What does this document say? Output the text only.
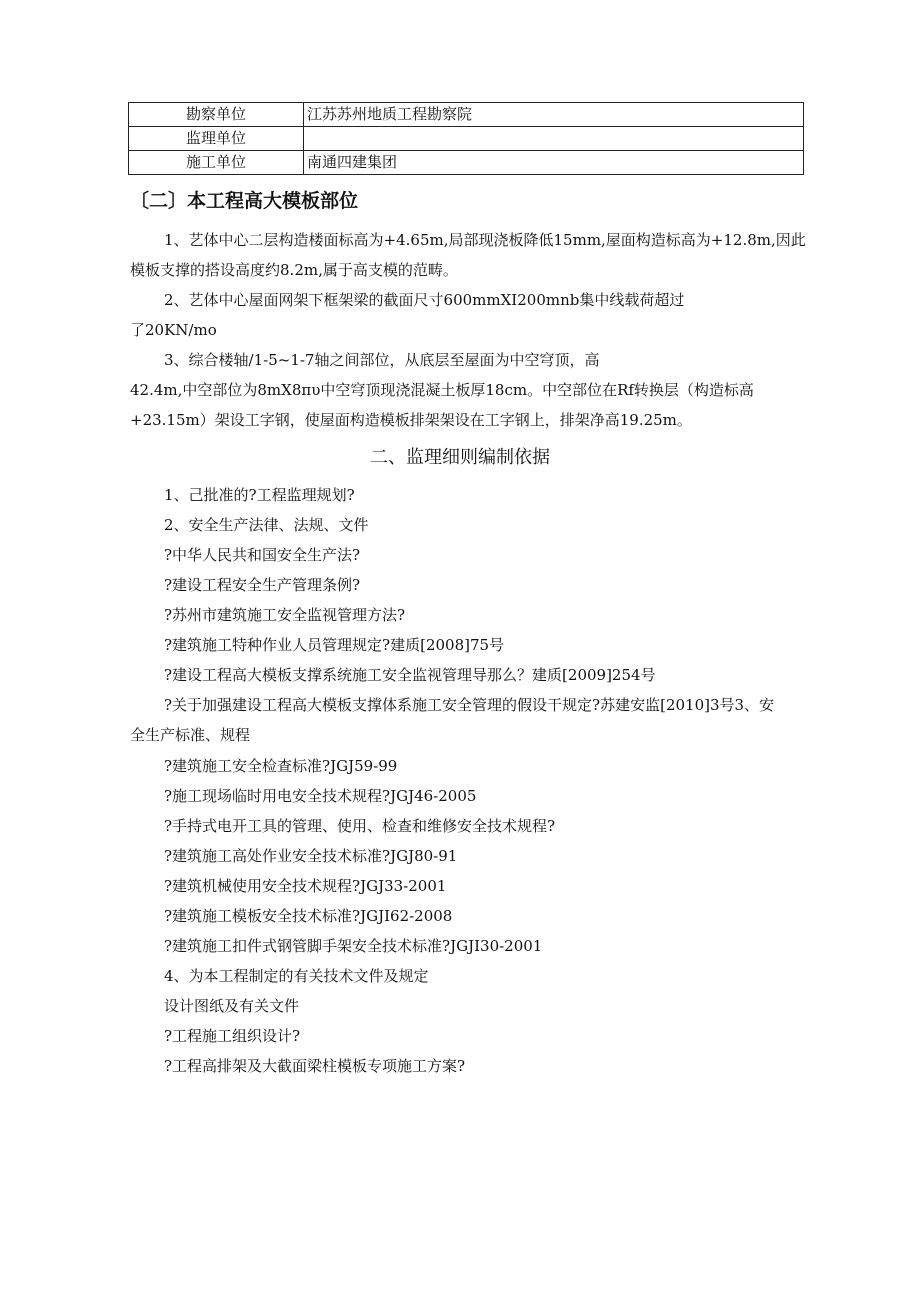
勘察单位	江苏苏州地质工程勘察院
监理单位	
施工单位	南通四建集团
〔二〕本工程高大模板部位
1、艺体中心二层构造楼面标高为+4.65m,局部现浇板降低15mm,屋面构造标高为+12.8m,因此
模板支撑的搭设高度约8.2m,属于高支模的范畴。
2、艺体中心屋面网架下框架梁的截面尺寸600mmXI200mnb集中线载荷超过
了20KN/mo
3、综合楼轴/1-5~1-7轴之间部位，从底层至屋面为中空穹顶，高
42.4m,中空部位为8mX8πυ中空穹顶现浇混凝土板厚18cm。中空部位在Rf转换层（构造标高
+23.15m）架设工字钢，使屋面构造模板排架架设在工字钢上，排架净高19.25m。
二、监理细则编制依据
1、己批准的?工程监理规划?
2、安全生产法律、法规、文件
?中华人民共和国安全生产法?
?建设工程安全生产管理条例?
?苏州市建筑施工安全监视管理方法?
?建筑施工特种作业人员管理规定?建质[2008]75号
?建设工程高大模板支撑系统施工安全监视管理导那么？建质[2009]254号
?关于加强建设工程高大模板支撑体系施工安全管理的假设干规定?苏建安监[2010]3号3、安
全生产标准、规程
?建筑施工安全检查标准?JGJ59-99
?施工现场临时用电安全技术规程?JGJ46-2005
?手持式电开工具的管理、使用、检查和维修安全技术规程?
?建筑施工高处作业安全技术标准?JGJ80-91
?建筑机械使用安全技术规程?JGJ33-2001
?建筑施工模板安全技术标准?JGJI62-2008
?建筑施工扣件式钢管脚手架安全技术标准?JGJI30-2001
4、为本工程制定的有关技术文件及规定
设计图纸及有关文件
?工程施工组织设计?
?工程高排架及大截面梁柱模板专项施工方案?
